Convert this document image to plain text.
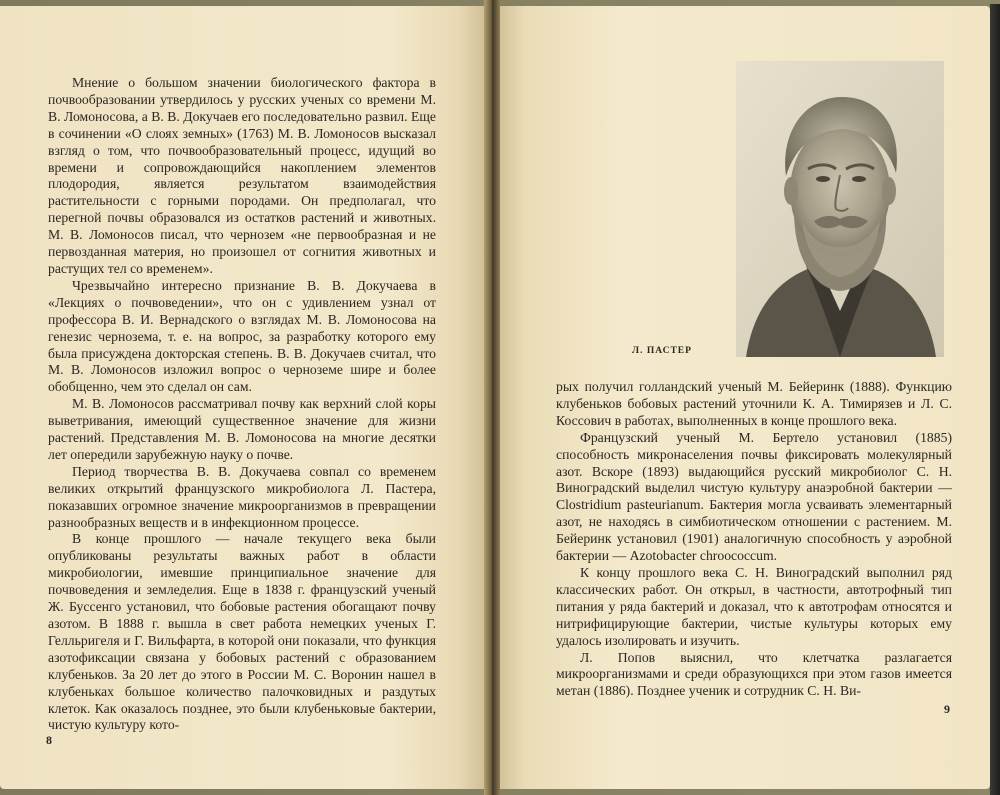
Мнение о большом значении биологического фактора в почвообразовании утвердилось у русских ученых со времени М. В. Ломоносова, а В. В. Докучаев его последовательно развил. Еще в сочинении «О слоях земных» (1763) М. В. Ломоносов высказал взгляд о том, что почвообразовательный процесс, идущий во времени и сопровождающийся накоплением элементов плодородия, является результатом взаимодействия растительности с горными породами. Он предполагал, что перегной почвы образовался из остатков растений и животных. М. В. Ломоносов писал, что чернозем «не первообразная и не первозданная материя, но произошел от согнития животных и растущих тел со временем».

Чрезвычайно интересно признание В. В. Докучаева в «Лекциях о почвоведении», что он с удивлением узнал от профессора В. И. Вернадского о взглядах М. В. Ломоносова на генезис чернозема, т. е. на вопрос, за разработку которого ему была присуждена докторская степень. В. В. Докучаев считал, что М. В. Ломоносов изложил вопрос о черноземе шире и более обобщенно, чем это сделал он сам.

М. В. Ломоносов рассматривал почву как верхний слой коры выветривания, имеющий существенное значение для жизни растений. Представления М. В. Ломоносова на многие десятки лет опередили зарубежную науку о почве.

Период творчества В. В. Докучаева совпал со временем великих открытий французского микробиолога Л. Пастера, показавших огромное значение микроорганизмов в превращении разнообразных веществ и в инфекционном процессе.

В конце прошлого — начале текущего века были опубликованы результаты важных работ в области микробиологии, имевшие принципиальное значение для почвоведения и земледелия. Еще в 1838 г. французский ученый Ж. Буссенго установил, что бобовые растения обогащают почву азотом. В 1888 г. вышла в свет работа немецких ученых Г. Гелльригеля и Г. Вильфарта, в которой они показали, что функция азотофиксации связана у бобовых растений с образованием клубеньков. За 20 лет до этого в России М. С. Воронин нашел в клубеньках большое количество палочковидных и раздутых клеток. Как оказалось позднее, это были клубеньковые бактерии, чистую культуру кото-

8
Л. ПАСТЕР

рых получил голландский ученый М. Бейеринк (1888). Функцию клубеньков бобовых растений уточнили К. А. Тимирязев и Л. С. Коссович в работах, выполненных в конце прошлого века.

Французский ученый М. Бертело установил (1885) способность микронаселения почвы фиксировать молекулярный азот. Вскоре (1893) выдающийся русский микробиолог С. Н. Виноградский выделил чистую культуру анаэробной бактерии — Clostridium pasteurianum. Бактерия могла усваивать элементарный азот, не находясь в симбиотическом отношении с растением. М. Бейеринк установил (1901) аналогичную способность у аэробной бактерии — Azotobacter chroococcum.

К концу прошлого века С. Н. Виноградский выполнил ряд классических работ. Он открыл, в частности, автотрофный тип питания у ряда бактерий и доказал, что к автотрофам относятся и нитрифицирующие бактерии, чистые культуры которых ему удалось изолировать и изучить.

Л. Попов выяснил, что клетчатка разлагается микроорганизмами и среди образующихся при этом газов имеется метан (1886). Позднее ученик и сотрудник С. Н. Ви-

9
